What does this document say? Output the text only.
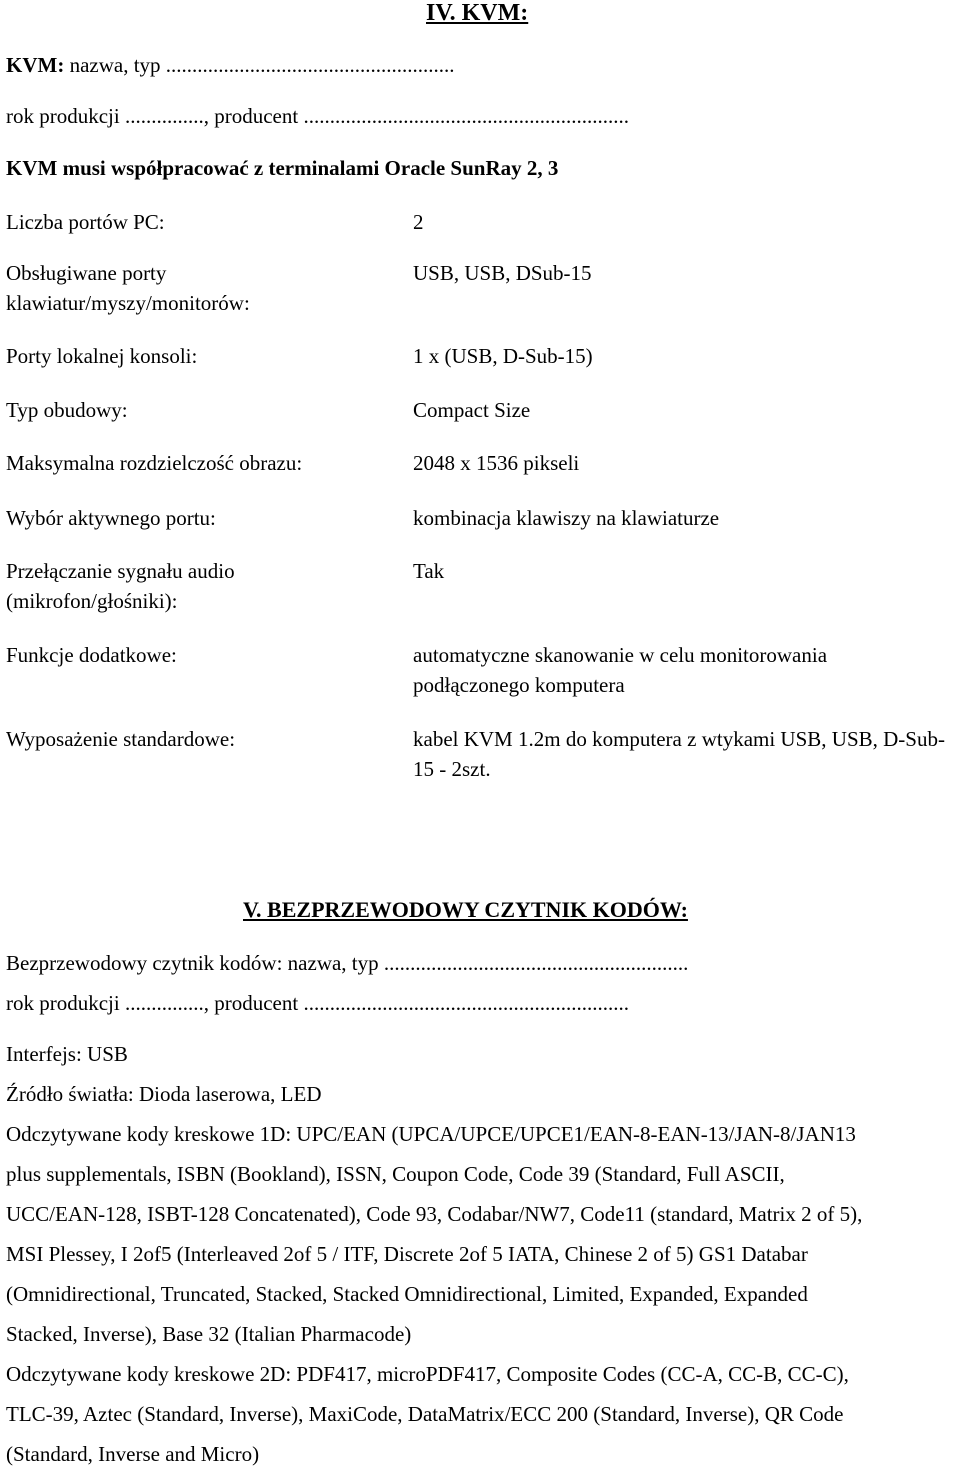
IV. KVM:
KVM: nazwa, typ .......................................................
rok produkcji ..............., producent ..............................................................
KVM musi współpracować z terminalami Oracle SunRay 2, 3
Liczba portów PC:	2
Obsługiwane porty klawiatur/myszy/monitorów:
USB, USB, DSub-15
Porty lokalnej konsoli:	1 x (USB, D-Sub-15)
Typ obudowy:	Compact Size
Maksymalna rozdzielczość obrazu:	2048 x 1536 pikseli
Wybór aktywnego portu:	kombinacja klawiszy na klawiaturze
Przełączanie sygnału audio (mikrofon/głośniki):
Tak
Funkcje dodatkowe:	automatyczne skanowanie w celu monitorowania podłączonego komputera
Wyposażenie standardowe:	kabel KVM 1.2m do komputera z wtykami USB, USB, D-Sub-15 - 2szt.
V. BEZPRZEWODOWY CZYTNIK KODÓW:
Bezprzewodowy czytnik kodów: nazwa, typ ..........................................................
rok produkcji ..............., producent ..............................................................
Interfejs: USB
Źródło światła: Dioda laserowa, LED
Odczytywane kody kreskowe 1D: UPC/EAN (UPCA/UPCE/UPCE1/EAN-8-EAN-13/JAN-8/JAN13
plus supplementals, ISBN (Bookland), ISSN, Coupon Code, Code 39 (Standard, Full ASCII,
UCC/EAN-128, ISBT-128 Concatenated), Code 93, Codabar/NW7, Code11 (standard, Matrix 2 of 5),
MSI Plessey, I 2of5 (Interleaved 2of 5 / ITF, Discrete 2of 5 IATA, Chinese 2 of 5) GS1 Databar
(Omnidirectional, Truncated, Stacked, Stacked Omnidirectional, Limited, Expanded, Expanded
Stacked, Inverse), Base 32 (Italian Pharmacode)
Odczytywane kody kreskowe 2D: PDF417, microPDF417, Composite Codes (CC-A, CC-B, CC-C),
TLC-39, Aztec (Standard, Inverse), MaxiCode, DataMatrix/ECC 200 (Standard, Inverse), QR Code
(Standard, Inverse and Micro)
